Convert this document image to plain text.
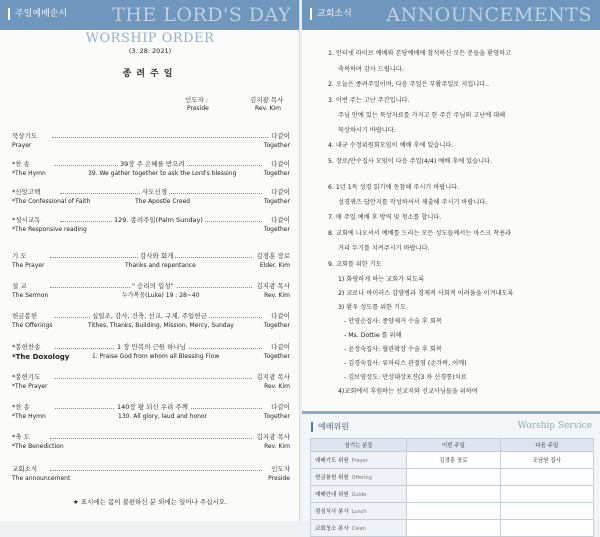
주일예배순서 THE LORD'S DAY
WORSHIP ORDER
(3. 28. 2021)
종려주일
인도자 :	김지광 목사
Preside	Rev. Kim
묵상기도	다같이
Prayer	Together
*찬 송	39장 주 은혜를 받으려	다같이
*The Hymn	39. We gather together to ask the Lord's blessing	Together
*신앙고백	사도신경	다같이
*The Confessional of Faith	The Apostle Creed	Together
*성시교독	129. 종려주일(Palm Sunday)	다같이
*The Responsive reading	Together
기 도	감사와 회개	김경훈 장로
The Prayer	Thanks and repentance	Elder. Kim
설 교	" 승리의 입성"	김지광 목사
The Sermon	누가복음(Luke) 19 : 28~40	Rev. Kim
헌금봉헌	십일조, 감사, 건축, 선교, 구제, 주일헌금	다같이
The Offerings	Tithes, Thanks, Building, Mission, Mercy, Sunday	Together
*봉헌찬송	1 장 만복의 근원 하나님	다같이
*The Doxology	1. Praise God from whom all Blessing Flow	Together
*봉헌기도	김지광 목사
*The Prayer	Rev. Kim
*찬 송	140장 왕 되신 우리 주께	다같이
*The Hymn	130. All glory, laud and honor	Together
*축 도	김지광 목사
*The Benediction	Rev. Kim
교회소식	인도자
The announcement	Preside
★ 표시에는 몸이 불편하신 분 외에는 일어나 주십시오.
교회소식 ANNOUNCEMENTS
1. 인터넷 라이브 예배와 본당예배에 참석하신 모든 분들을 환영하고
축복하며 감사 드립니다.
2. 오늘은 종려주일이며, 다음 주일은 부활주일로 지킵니다..
3. 이번 주는 고난 주간입니다.
주님 안에 있는 묵상자료를 가지고 한 주간 주님의 고난에 대해
묵상하시기 바랍니다.
4. 내규 수정위원회모임이 예배 후에 있습니다.
5. 장로/안수집사 모임이 다음 주일(4/4) 예배 후에 있습니다.
6. 1년 1독 성경 읽기에 동참해 주시기 바랍니다.
성경퀴즈 답안지를 작성하셔서 제출해 주시기 바랍니다.
7. 매 주일 예배 후 방역 및 청소를 합니다.
8. 교회에 나오셔서 예배를 드리는 모든 성도들께서는 마스크 착용과
거리 두기를 지켜주시기 바랍니다.
9. 교회를 위한 기도
1) 화평하게 하는 교회가 되도록
2) 코로나 바이러스 감염병과 경제적 사회적 어려움을 이겨내도록
3) 환우 성도를 위한 기도
- 안영순집사: 종양제거 수술 후 회복
- Ms. Dottie 를 위해
- 윤정숙집사: 혈관확장 수술 후 회복
- 김경숙집사: 류마티스 관절염 (손가락, 어깨)
- 김보영성도: 만성대상포진(3 차 신경통)치료
4)교회에서 후원하는 선교지와 선교사님들을 위하여
예배위원	Worship Service
섬기는 분들	이번 주일	다음 주일
예배기도 위원 Prayer	김경훈 장로	조남원 집사
헌금봉헌 위원 Offering		
예배안내 위원 Guide		
점심식사 봉사 Lunch		
교회청소 봉사 Clean		
